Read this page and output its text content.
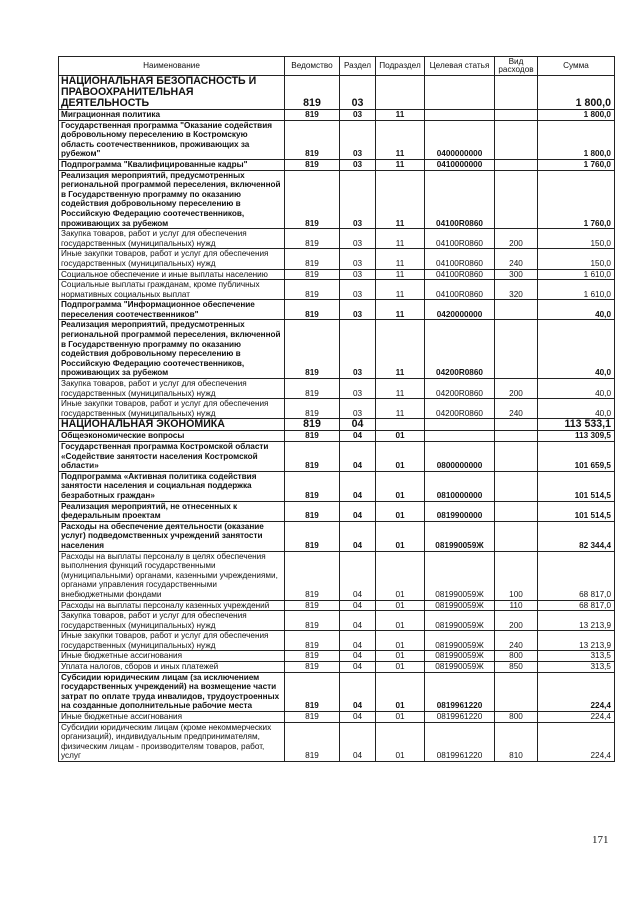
Наименование	Ведомство	Раздел	Подраздел	Целевая статья	Вид расходов	Сумма
НАЦИОНАЛЬНАЯ БЕЗОПАСНОСТЬ И ПРАВООХРАНИТЕЛЬНАЯ ДЕЯТЕЛЬНОСТЬ	819	03				1 800,0
Миграционная политика	819	03	11			1 800,0
Государственная программа "Оказание содействия добровольному переселению в Костромскую область соотечественников, проживающих за рубежом"	819	03	11	0400000000		1 800,0
Подпрограмма "Квалифицированные кадры"	819	03	11	0410000000		1 760,0
Реализация мероприятий, предусмотренных региональной программой переселения, включенной в Государственную программу по оказанию содействия добровольному переселению в Российскую Федерацию соотечественников, проживающих за рубежом	819	03	11	04100R0860		1 760,0
Закупка товаров, работ и услуг для обеспечения государственных (муниципальных) нужд	819	03	11	04100R0860	200	150,0
Иные закупки товаров, работ и услуг для обеспечения государственных (муниципальных) нужд	819	03	11	04100R0860	240	150,0
Социальное обеспечение и иные выплаты населению	819	03	11	04100R0860	300	1 610,0
Социальные выплаты гражданам, кроме публичных нормативных социальных выплат	819	03	11	04100R0860	320	1 610,0
Подпрограмма "Информационное обеспечение переселения соотечественников"	819	03	11	0420000000		40,0
Реализация мероприятий, предусмотренных региональной программой переселения, включенной в Государственную программу по оказанию содействия добровольному переселению в Российскую Федерацию соотечественников, проживающих за рубежом	819	03	11	04200R0860		40,0
Закупка товаров, работ и услуг для обеспечения государственных (муниципальных) нужд	819	03	11	04200R0860	200	40,0
Иные закупки товаров, работ и услуг для обеспечения государственных (муниципальных) нужд	819	03	11	04200R0860	240	40,0
НАЦИОНАЛЬНАЯ ЭКОНОМИКА	819	04				113 533,1
Общеэкономические вопросы	819	04	01			113 309,5
Государственная программа Костромской области «Содействие занятости населения Костромской области»	819	04	01	0800000000		101 659,5
Подпрограмма «Активная политика содействия занятости населения и социальная поддержка безработных граждан»	819	04	01	0810000000		101 514,5
Реализация мероприятий, не отнесенных к федеральным проектам	819	04	01	0819900000		101 514,5
Расходы на обеспечение деятельности (оказание услуг) подведомственных учреждений занятости населения	819	04	01	081990059Ж		82 344,4
Расходы на выплаты персоналу в целях обеспечения выполнения функций государственными (муниципальными) органами, казенными учреждениями, органами управления государственными внебюджетными фондами	819	04	01	081990059Ж	100	68 817,0
Расходы на выплаты персоналу казенных учреждений	819	04	01	081990059Ж	110	68 817,0
Закупка товаров, работ и услуг для обеспечения государственных (муниципальных) нужд	819	04	01	081990059Ж	200	13 213,9
Иные закупки товаров, работ и услуг для обеспечения государственных (муниципальных) нужд	819	04	01	081990059Ж	240	13 213,9
Иные бюджетные ассигнования	819	04	01	081990059Ж	800	313,5
Уплата налогов, сборов и иных платежей	819	04	01	081990059Ж	850	313,5
Субсидии юридическим лицам (за исключением государственных учреждений) на возмещение части затрат по оплате труда инвалидов, трудоустроенных на созданные дополнительные рабочие места	819	04	01	0819961220		224,4
Иные бюджетные ассигнования	819	04	01	0819961220	800	224,4
Субсидии юридическим лицам (кроме некоммерческих организаций), индивидуальным предпринимателям, физическим лицам - производителям товаров, работ, услуг	819	04	01	0819961220	810	224,4
171
